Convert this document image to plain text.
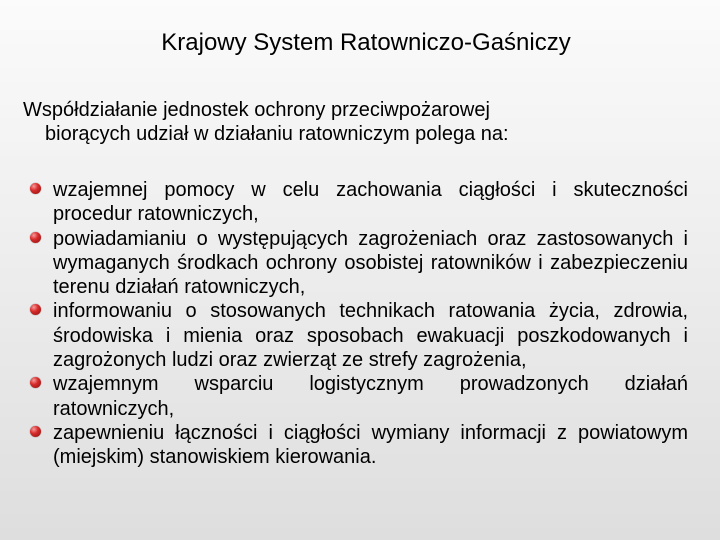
Krajowy System Ratowniczo-Gaśniczy

Współdziałanie jednostek ochrony przeciwpożarowej
biorących udział w działaniu ratowniczym polega na:

wzajemnej pomocy w celu zachowania ciągłości i skuteczności procedur ratowniczych,
powiadamianiu o występujących zagrożeniach oraz zastosowanych i wymaganych środkach ochrony osobistej ratowników i zabezpieczeniu terenu działań ratowniczych,
informowaniu o stosowanych technikach ratowania życia, zdrowia, środowiska i mienia oraz sposobach ewakuacji poszkodowanych i zagrożonych ludzi oraz zwierząt ze strefy zagrożenia,
wzajemnym wsparciu logistycznym prowadzonych działań ratowniczych,
zapewnieniu łączności i ciągłości wymiany informacji z powiatowym (miejskim) stanowiskiem kierowania.
